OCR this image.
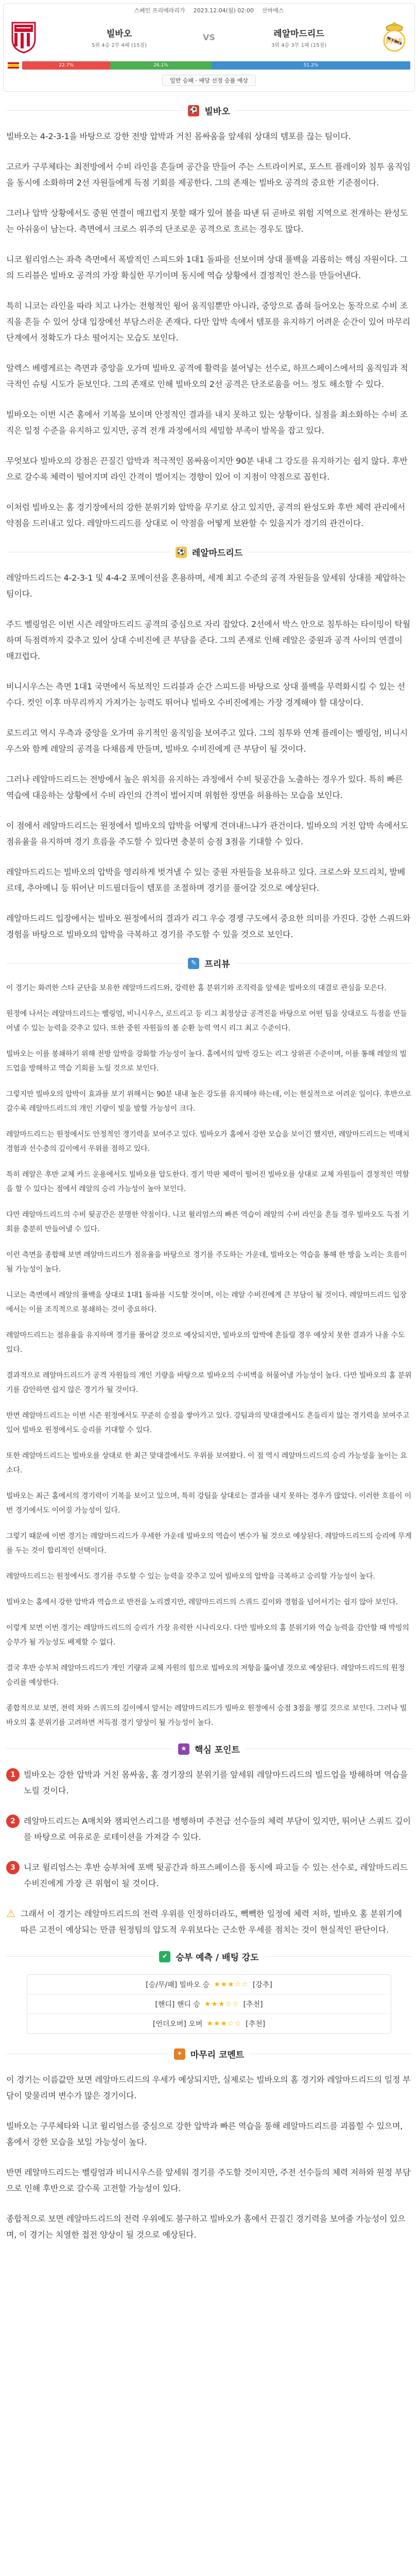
스페인 프리메라리가 2023.12.04(월) 02:00 산마메스
빌바오
5위 4승 2무 4패 (15점)
VS	레알마드리드
3위 4승 3무 1패 (15점)	MCF
22.7%	26.1%	51.2%
일반 승패 · 배당 선정 승률 예상
⚽ 빌바오

빌바오는 4-2-3-1을 바탕으로 강한 전방 압박과 거친 몸싸움을 앞세워 상대의 템포를 끊는 팀이다.

고르카 구루체타는 최전방에서 수비 라인을 흔들며 공간을 만들어 주는 스트라이커로, 포스트 플레이와 침투 움직임을 동시에 소화하며 2선 자원들에게 득점 기회를 제공한다. 그의 존재는 빌바오 공격의 중요한 기준점이다.

그러나 압박 상황에서도 중원 연결이 매끄럽지 못할 때가 있어 볼을 따낸 뒤 곧바로 위험 지역으로 전개하는 완성도는 아쉬움이 남는다. 측면에서 크로스 위주의 단조로운 공격으로 흐르는 경우도 많다.

니코 윌리엄스는 좌측 측면에서 폭발적인 스피드와 1대1 돌파를 선보이며 상대 풀백을 괴롭히는 핵심 자원이다. 그의 드리블은 빌바오 공격의 가장 확실한 무기이며 동시에 역습 상황에서 결정적인 찬스를 만들어낸다.

특히 니코는 라인을 따라 치고 나가는 전형적인 윙어 움직임뿐만 아니라, 중앙으로 좁혀 들어오는 동작으로 수비 조직을 흔들 수 있어 상대 입장에선 부담스러운 존재다. 다만 압박 속에서 템포를 유지하기 어려운 순간이 있어 마무리 단계에서 정확도가 다소 떨어지는 모습도 보인다.

알렉스 베렝게르는 측면과 중앙을 오가며 빌바오 공격에 활력을 불어넣는 선수로, 하프스페이스에서의 움직임과 적극적인 슈팅 시도가 돋보인다. 그의 존재로 인해 빌바오의 2선 공격은 단조로움을 어느 정도 해소할 수 있다.

빌바오는 이번 시즌 홈에서 기복을 보이며 안정적인 결과를 내지 못하고 있는 상황이다. 실점을 최소화하는 수비 조직은 일정 수준을 유지하고 있지만, 공격 전개 과정에서의 세밀함 부족이 발목을 잡고 있다.

무엇보다 빌바오의 강점은 끈질긴 압박과 적극적인 몸싸움이지만 90분 내내 그 강도를 유지하기는 쉽지 않다. 후반으로 갈수록 체력이 떨어지며 라인 간격이 벌어지는 경향이 있어 이 지점이 약점으로 꼽힌다.

이처럼 빌바오는 홈 경기장에서의 강한 분위기와 압박을 무기로 삼고 있지만, 공격의 완성도와 후반 체력 관리에서 약점을 드러내고 있다. 레알마드리드를 상대로 이 약점을 어떻게 보완할 수 있을지가 경기의 관건이다.

⚽ 레알마드리드

레알마드리드는 4-2-3-1 및 4-4-2 포메이션을 혼용하며, 세계 최고 수준의 공격 자원들을 앞세워 상대를 제압하는 팀이다.

주드 벨링엄은 이번 시즌 레알마드리드 공격의 중심으로 자리 잡았다. 2선에서 박스 안으로 침투하는 타이밍이 탁월하며 득점력까지 갖추고 있어 상대 수비진에 큰 부담을 준다. 그의 존재로 인해 레알은 중원과 공격 사이의 연결이 매끄럽다.

비니시우스는 측면 1대1 국면에서 독보적인 드리블과 순간 스피드를 바탕으로 상대 풀백을 무력화시킬 수 있는 선수다. 컷인 이후 마무리까지 가져가는 능력도 뛰어나 빌바오 수비진에게는 가장 경계해야 할 대상이다.

로드리고 역시 우측과 중앙을 오가며 유기적인 움직임을 보여주고 있다. 그의 침투와 연계 플레이는 벨링엄, 비니시우스와 함께 레알의 공격을 다채롭게 만들며, 빌바오 수비진에게 큰 부담이 될 것이다.

그러나 레알마드리드는 전방에서 높은 위치를 유지하는 과정에서 수비 뒷공간을 노출하는 경우가 있다. 특히 빠른 역습에 대응하는 상황에서 수비 라인의 간격이 벌어지며 위험한 장면을 허용하는 모습을 보인다.

이 점에서 레알마드리드는 원정에서 빌바오의 압박을 어떻게 견뎌내느냐가 관건이다. 빌바오의 거친 압박 속에서도 점유율을 유지하며 경기 흐름을 주도할 수 있다면 충분히 승점 3점을 기대할 수 있다.

레알마드리드는 빌바오의 압박을 영리하게 벗겨낼 수 있는 중원 자원들을 보유하고 있다. 크로스와 모드리치, 발베르데, 추아메니 등 뛰어난 미드필더들이 템포를 조절하며 경기를 풀어갈 것으로 예상된다.

레알마드리드 입장에서는 빌바오 원정에서의 결과가 리그 우승 경쟁 구도에서 중요한 의미를 가진다. 강한 스쿼드와 경험을 바탕으로 빌바오의 압박을 극복하고 경기를 주도할 수 있을 것으로 보인다.

✎ 프리뷰

이 경기는 화려한 스타 군단을 보유한 레알마드리드와, 강력한 홈 분위기와 조직력을 앞세운 빌바오의 대결로 관심을 모은다.

원정에 나서는 레알마드리드는 벨링엄, 비니시우스, 로드리고 등 리그 최정상급 공격진을 바탕으로 어떤 팀을 상대로도 득점을 만들어낼 수 있는 능력을 갖추고 있다. 또한 중원 자원들의 볼 순환 능력 역시 리그 최고 수준이다.

빌바오는 이를 봉쇄하기 위해 전방 압박을 강화할 가능성이 높다. 홈에서의 압박 강도는 리그 상위권 수준이며, 이를 통해 레알의 빌드업을 방해하고 역습 기회를 노릴 것으로 보인다.

그렇지만 빌바오의 압박이 효과를 보기 위해서는 90분 내내 높은 강도를 유지해야 하는데, 이는 현실적으로 어려운 일이다. 후반으로 갈수록 레알마드리드의 개인 기량이 빛을 발할 가능성이 크다.

레알마드리드는 원정에서도 안정적인 경기력을 보여주고 있다. 빌바오가 홈에서 강한 모습을 보이긴 했지만, 레알마드리드는 빅매치 경험과 선수층의 깊이에서 우위를 점하고 있다.

특히 레알은 후반 교체 카드 운용에서도 빌바오를 압도한다. 경기 막판 체력이 떨어진 빌바오를 상대로 교체 자원들이 결정적인 역할을 할 수 있다는 점에서 레알의 승리 가능성이 높아 보인다.

다만 레알마드리드의 수비 뒷공간은 분명한 약점이다. 니코 윌리엄스의 빠른 역습이 레알의 수비 라인을 흔들 경우 빌바오도 득점 기회를 충분히 만들어낼 수 있다.

이런 측면을 종합해 보면 레알마드리드가 점유율을 바탕으로 경기를 주도하는 가운데, 빌바오는 역습을 통해 한 방을 노리는 흐름이 될 가능성이 높다.

니코는 측면에서 레알의 풀백을 상대로 1대1 돌파를 시도할 것이며, 이는 레알 수비진에게 큰 부담이 될 것이다. 레알마드리드 입장에서는 이를 조직적으로 봉쇄하는 것이 중요하다.

레알마드리드는 점유율을 유지하며 경기를 풀어갈 것으로 예상되지만, 빌바오의 압박에 흔들릴 경우 예상치 못한 결과가 나올 수도 있다.

결과적으로 레알마드리드가 공격 자원들의 개인 기량을 바탕으로 빌바오의 수비벽을 허물어낼 가능성이 높다. 다만 빌바오의 홈 분위기를 감안하면 쉽지 않은 경기가 될 것이다.

반면 레알마드리드는 이번 시즌 원정에서도 꾸준히 승점을 쌓아가고 있다. 강팀과의 맞대결에서도 흔들리지 않는 경기력을 보여주고 있어 빌바오 원정에서도 승리를 기대할 수 있다.

또한 레알마드리드는 빌바오를 상대로 한 최근 맞대결에서도 우위를 보여왔다. 이 점 역시 레알마드리드의 승리 가능성을 높이는 요소다.

빌바오는 최근 홈에서의 경기력이 기복을 보이고 있으며, 특히 강팀을 상대로는 결과를 내지 못하는 경우가 많았다. 이러한 흐름이 이번 경기에서도 이어질 가능성이 있다.

그렇기 때문에 이번 경기는 레알마드리드가 우세한 가운데 빌바오의 역습이 변수가 될 것으로 예상된다. 레알마드리드의 승리에 무게를 두는 것이 합리적인 선택이다.

레알마드리드는 원정에서도 경기를 주도할 수 있는 능력을 갖추고 있어 빌바오의 압박을 극복하고 승리할 가능성이 높다.

빌바오는 홈에서 강한 압박과 역습으로 반전을 노리겠지만, 레알마드리드의 스쿼드 깊이와 경험을 넘어서기는 쉽지 않아 보인다.

이렇게 보면 이번 경기는 레알마드리드의 승리가 가장 유력한 시나리오다. 다만 빌바오의 홈 분위기와 역습 능력을 감안할 때 박빙의 승부가 될 가능성도 배제할 수 없다.

결국 후반 승부처 레알마드리드가 개인 기량과 교체 자원의 힘으로 빌바오의 저항을 뚫어낼 것으로 예상된다. 레알마드리드의 원정 승리를 예상한다.

종합적으로 보면, 전력 차와 스쿼드의 깊이에서 앞서는 레알마드리드가 빌바오 원정에서 승점 3점을 챙길 것으로 보인다. 그러나 빌바오의 홈 분위기를 고려하면 저득점 경기 양상이 될 가능성이 높다.

★ 핵심 포인트
1	빌바오는 강한 압박과 거친 몸싸움, 홈 경기장의 분위기를 앞세워 레알마드리드의 빌드업을 방해하며 역습을 노릴 것이다.
2	레알마드리드는 A매치와 챔피언스리그를 병행하며 주전급 선수들의 체력 부담이 있지만, 뛰어난 스쿼드 깊이를 바탕으로 여유로운 로테이션을 가져갈 수 있다.
3	니코 윌리엄스는 후반 승부처에 포백 뒷공간과 하프스페이스를 동시에 파고들 수 있는 선수로, 레알마드리드 수비진에게 가장 큰 위협이 될 것이다.
⚠ 그래서 이 경기는 레알마드리드의 전력 우위를 인정하더라도, 빽빽한 일정에 체력 저하, 빌바오 홈 분위기에 따른 고전이 예상되는 만큼 원정팀의 압도적 우위보다는 근소한 우세를 점치는 것이 현실적인 판단이다.
✔ 승부 예측 / 배팅 강도
[승/무/패] 빌바오 승 ★★★☆☆ [강추]
[핸디] 핸디 승 ★★★☆☆ [추천]
[언더오버] 오버 ★★★☆☆ [추천]
✦ 마무리 코멘트

이 경기는 이름값만 보면 레알마드리드의 우세가 예상되지만, 실제로는 빌바오의 홈 경기와 레알마드리드의 일정 부담이 맞물리며 변수가 많은 경기이다.

빌바오는 구루체타와 니코 윌리엄스를 중심으로 강한 압박과 빠른 역습을 통해 레알마드리드를 괴롭힐 수 있으며, 홈에서 강한 모습을 보일 가능성이 높다.

반면 레알마드리드는 벨링엄과 비니시우스를 앞세워 경기를 주도할 것이지만, 주전 선수들의 체력 저하와 원정 부담으로 인해 후반으로 갈수록 고전할 가능성이 있다.

종합적으로 보면 레알마드리드의 전력 우위에도 불구하고 빌바오가 홈에서 끈질긴 경기력을 보여줄 가능성이 있으며, 이 경기는 치열한 접전 양상이 될 것으로 예상된다.
